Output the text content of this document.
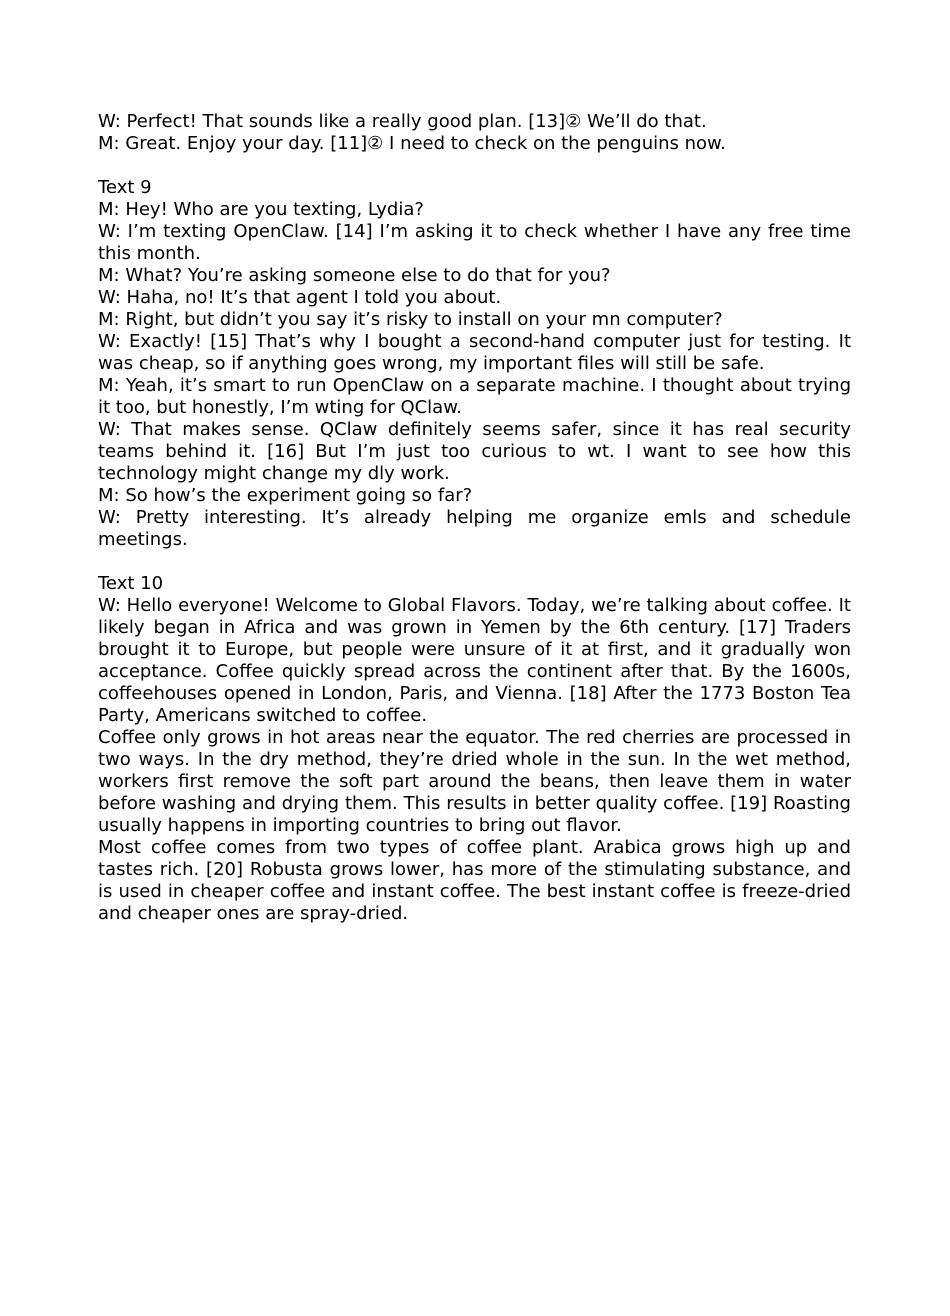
W: Perfect! That sounds like a really good plan. [13]② We’ll do that.

M: Great. Enjoy your day. [11]② I need to check on the penguins now.

Text 9

M: Hey! Who are you texting, Lydia?

W: I’m texting OpenClaw. [14] I’m asking it to check whether I have any free time this month.

M: What? You’re asking someone else to do that for you?

W: Haha, no! It’s that agent I told you about.

M: Right, but didn’t you say it’s risky to install on your mn computer?

W: Exactly! [15] That’s why I bought a second-hand computer just for testing. It was cheap, so if anything goes wrong, my important files will still be safe.

M: Yeah, it’s smart to run OpenClaw on a separate machine. I thought about trying it too, but honestly, I’m wting for QClaw.

W: That makes sense. QClaw definitely seems safer, since it has real security teams behind it. [16] But I’m just too curious to wt. I want to see how this technology might change my dly work.

M: So how’s the experiment going so far?

W: Pretty interesting. It’s already helping me organize emls and schedule meetings.

Text 10

W: Hello everyone! Welcome to Global Flavors. Today, we’re talking about coffee. It likely began in Africa and was grown in Yemen by the 6th century. [17] Traders brought it to Europe, but people were unsure of it at first, and it gradually won acceptance. Coffee quickly spread across the continent after that. By the 1600s, coffeehouses opened in London, Paris, and Vienna. [18] After the 1773 Boston Tea Party, Americans switched to coffee.

Coffee only grows in hot areas near the equator. The red cherries are processed in two ways. In the dry method, they’re dried whole in the sun. In the wet method, workers first remove the soft part around the beans, then leave them in water before washing and drying them. This results in better quality coffee. [19] Roasting usually happens in importing countries to bring out flavor.

Most coffee comes from two types of coffee plant. Arabica grows high up and tastes rich. [20] Robusta grows lower, has more of the stimulating substance, and is used in cheaper coffee and instant coffee. The best instant coffee is freeze-dried and cheaper ones are spray-dried.
